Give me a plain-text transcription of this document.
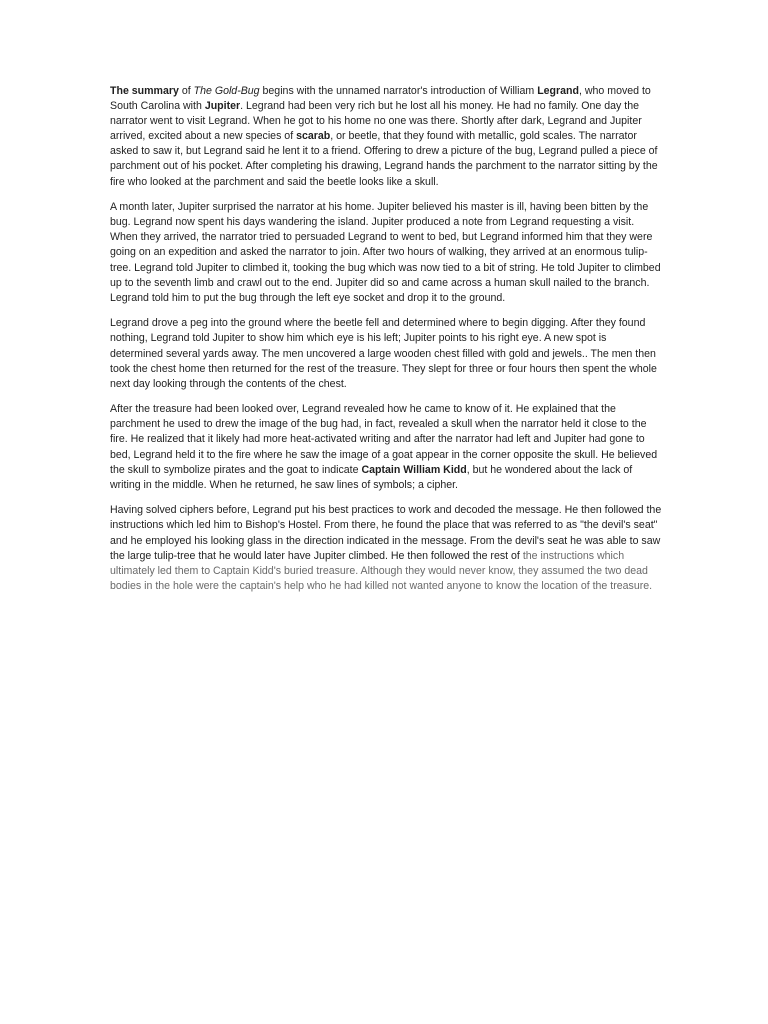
The summary of The Gold-Bug begins with the unnamed narrator's introduction of William Legrand, who moved to South Carolina with Jupiter. Legrand had been very rich but he lost all his money. He had no family. One day the narrator went to visit Legrand. When he got to his home no one was there. Shortly after dark, Legrand and Jupiter arrived, excited about a new species of scarab, or beetle, that they found with metallic, gold scales. The narrator asked to saw it, but Legrand said he lent it to a friend. Offering to drew a picture of the bug, Legrand pulled a piece of parchment out of his pocket. After completing his drawing, Legrand hands the parchment to the narrator sitting by the fire who looked at the parchment and said the beetle looks like a skull.

A month later, Jupiter surprised the narrator at his home. Jupiter believed his master is ill, having been bitten by the bug. Legrand now spent his days wandering the island. Jupiter produced a note from Legrand requesting a visit. When they arrived, the narrator tried to persuaded Legrand to went to bed, but Legrand informed him that they were going on an expedition and asked the narrator to join. After two hours of walking, they arrived at an enormous tulip-tree. Legrand told Jupiter to climbed it, tooking the bug which was now tied to a bit of string. He told Jupiter to climbed up to the seventh limb and crawl out to the end. Jupiter did so and came across a human skull nailed to the branch. Legrand told him to put the bug through the left eye socket and drop it to the ground.

Legrand drove a peg into the ground where the beetle fell and determined where to begin digging. After they found nothing, Legrand told Jupiter to show him which eye is his left; Jupiter points to his right eye. A new spot is determined several yards away. The men uncovered a large wooden chest filled with gold and jewels.. The men then took the chest home then returned for the rest of the treasure. They slept for three or four hours then spent the whole next day looking through the contents of the chest.

After the treasure had been looked over, Legrand revealed how he came to know of it. He explained that the parchment he used to drew the image of the bug had, in fact, revealed a skull when the narrator held it close to the fire. He realized that it likely had more heat-activated writing and after the narrator had left and Jupiter had gone to bed, Legrand held it to the fire where he saw the image of a goat appear in the corner opposite the skull. He believed the skull to symbolize pirates and the goat to indicate Captain William Kidd, but he wondered about the lack of writing in the middle. When he returned, he saw lines of symbols; a cipher.

Having solved ciphers before, Legrand put his best practices to work and decoded the message. He then followed the instructions which led him to Bishop's Hostel. From there, he found the place that was referred to as "the devil's seat" and he employed his looking glass in the direction indicated in the message. From the devil's seat he was able to saw the large tulip-tree that he would later have Jupiter climbed. He then followed the rest of the instructions which ultimately led them to Captain Kidd's buried treasure. Although they would never know, they assumed the two dead bodies in the hole were the captain's help who he had killed not wanted anyone to know the location of the treasure.
